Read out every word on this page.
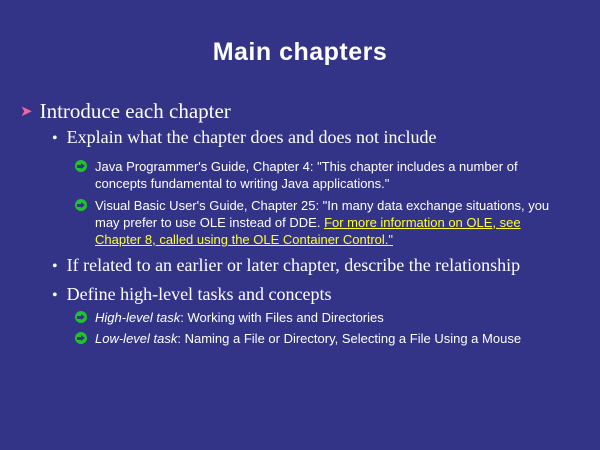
Main chapters
➤ Introduce each chapter
• Explain what the chapter does and does not include
Java Programmer's Guide, Chapter 4: "This chapter includes a number of concepts fundamental to writing Java applications."
Visual Basic User's Guide, Chapter 25: "In many data exchange situations, you may prefer to use OLE instead of DDE. For more information on OLE, see Chapter 8, called using the OLE Container Control."
• If related to an earlier or later chapter, describe the relationship
• Define high-level tasks and concepts
High-level task: Working with Files and Directories
Low-level task: Naming a File or Directory, Selecting a File Using a Mouse
